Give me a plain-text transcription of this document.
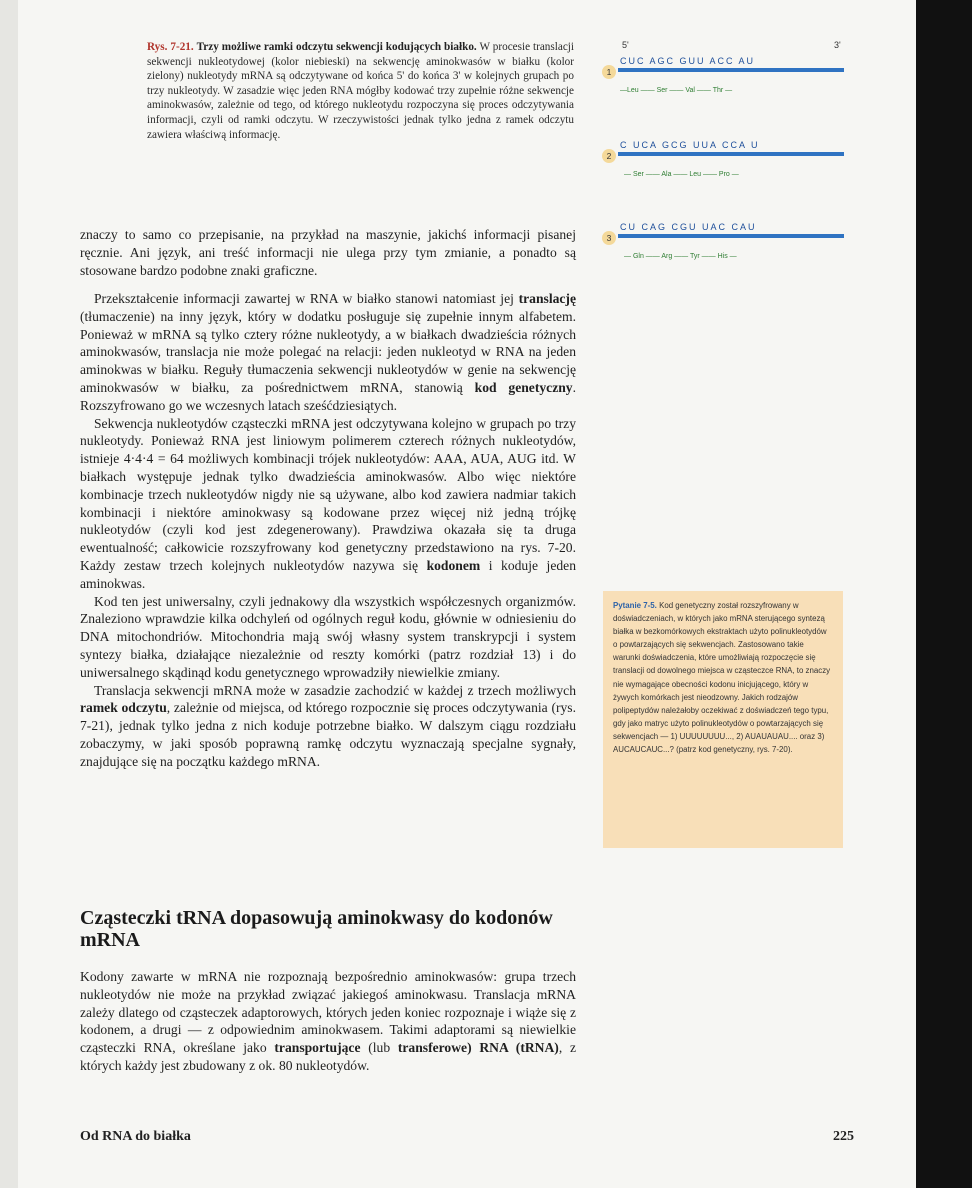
Rys. 7-21. Trzy możliwe ramki odczytu sekwencji kodujących białko. W procesie translacji sekwencji nukleotydowej (kolor niebieski) na sekwencję aminokwasów w białku (kolor zielony) nukleotydy mRNA są odczytywane od końca 5' do końca 3' w kolejnych grupach po trzy nukleotydy. W zasadzie więc jeden RNA mógłby kodować trzy zupełnie różne sekwencje aminokwasów, zależnie od tego, od którego nukleotydu rozpoczyna się proces odczytywania informacji, czyli od ramki odczytu. W rzeczywistości jednak tylko jedna z ramek odczytu zawiera właściwą informację.
5'	3'
1
CUC AGC GUU ACC AU
—Leu —— Ser —— Val —— Thr —
2
C UCA GCG UUA CCA U
— Ser —— Ala —— Leu —— Pro —
3
CU CAG CGU UAC CAU
— Gln —— Arg —— Tyr —— His —

znaczy to samo co przepisanie, na przykład na maszynie, jakichś informacji pisanej ręcznie. Ani język, ani treść informacji nie ulega przy tym zmianie, a ponadto są stosowane bardzo podobne znaki graficzne.

Przekształcenie informacji zawartej w RNA w białko stanowi natomiast jej translację (tłumaczenie) na inny język, który w dodatku posługuje się zupełnie innym alfabetem. Ponieważ w mRNA są tylko cztery różne nukleotydy, a w białkach dwadzieścia różnych aminokwasów, translacja nie może polegać na relacji: jeden nukleotyd w RNA na jeden aminokwas w białku. Reguły tłumaczenia sekwencji nukleotydów w genie na sekwencję aminokwasów w białku, za pośrednictwem mRNA, stanowią kod genetyczny. Rozszyfrowano go we wczesnych latach sześćdziesiątych.

Sekwencja nukleotydów cząsteczki mRNA jest odczytywana kolejno w grupach po trzy nukleotydy. Ponieważ RNA jest liniowym polimerem czterech różnych nukleotydów, istnieje 4·4·4 = 64 możliwych kombinacji trójek nukleotydów: AAA, AUA, AUG itd. W białkach występuje jednak tylko dwadzieścia aminokwasów. Albo więc niektóre kombinacje trzech nukleotydów nigdy nie są używane, albo kod zawiera nadmiar takich kombinacji i niektóre aminokwasy są kodowane przez więcej niż jedną trójkę nukleotydów (czyli kod jest zdegenerowany). Prawdziwa okazała się ta druga ewentualność; całkowicie rozszyfrowany kod genetyczny przedstawiono na rys. 7-20. Każdy zestaw trzech kolejnych nukleotydów nazywa się kodonem i koduje jeden aminokwas.

Kod ten jest uniwersalny, czyli jednakowy dla wszystkich współczesnych organizmów. Znaleziono wprawdzie kilka odchyleń od ogólnych reguł kodu, głównie w odniesieniu do DNA mitochondriów. Mitochondria mają swój własny system transkrypcji i system syntezy białka, działające niezależnie od reszty komórki (patrz rozdział 13) i do uniwersalnego skądinąd kodu genetycznego wprowadziły niewielkie zmiany.

Translacja sekwencji mRNA może w zasadzie zachodzić w każdej z trzech możliwych ramek odczytu, zależnie od miejsca, od którego rozpocznie się proces odczytywania (rys. 7-21), jednak tylko jedna z nich koduje potrzebne białko. W dalszym ciągu rozdziału zobaczymy, w jaki sposób poprawną ramkę odczytu wyznaczają specjalne sygnały, znajdujące się na początku każdego mRNA.

Cząsteczki tRNA dopasowują aminokwasy do kodonów mRNA

Kodony zawarte w mRNA nie rozpoznają bezpośrednio aminokwasów: grupa trzech nukleotydów nie może na przykład związać jakiegoś aminokwasu. Translacja mRNA zależy dlatego od cząsteczek adaptorowych, których jeden koniec rozpoznaje i wiąże się z kodonem, a drugi — z odpowiednim aminokwasem. Takimi adaptorami są niewielkie cząsteczki RNA, określane jako transportujące (lub transferowe) RNA (tRNA), z których każdy jest zbudowany z ok. 80 nukleotydów.

Pytanie 7-5. Kod genetyczny został rozszyfrowany w doświadczeniach, w których jako mRNA sterującego syntezą białka w bezkomórkowych ekstraktach użyto polinukleotydów o powtarzających się sekwencjach. Zastosowano takie warunki doświadczenia, które umożliwiają rozpoczęcie się translacji od dowolnego miejsca w cząsteczce RNA, to znaczy nie wymagające obecności kodonu inicjującego, który w żywych komórkach jest nieodzowny. Jakich rodzajów polipeptydów należałoby oczekiwać z doświadczeń tego typu, gdy jako matryc użyto polinukleotydów o powtarzających się sekwencjach — 1) UUUUUUUU..., 2) AUAUAUAU.... oraz 3) AUCAUCAUC...? (patrz kod genetyczny, rys. 7-20).
Od RNA do białka	225
